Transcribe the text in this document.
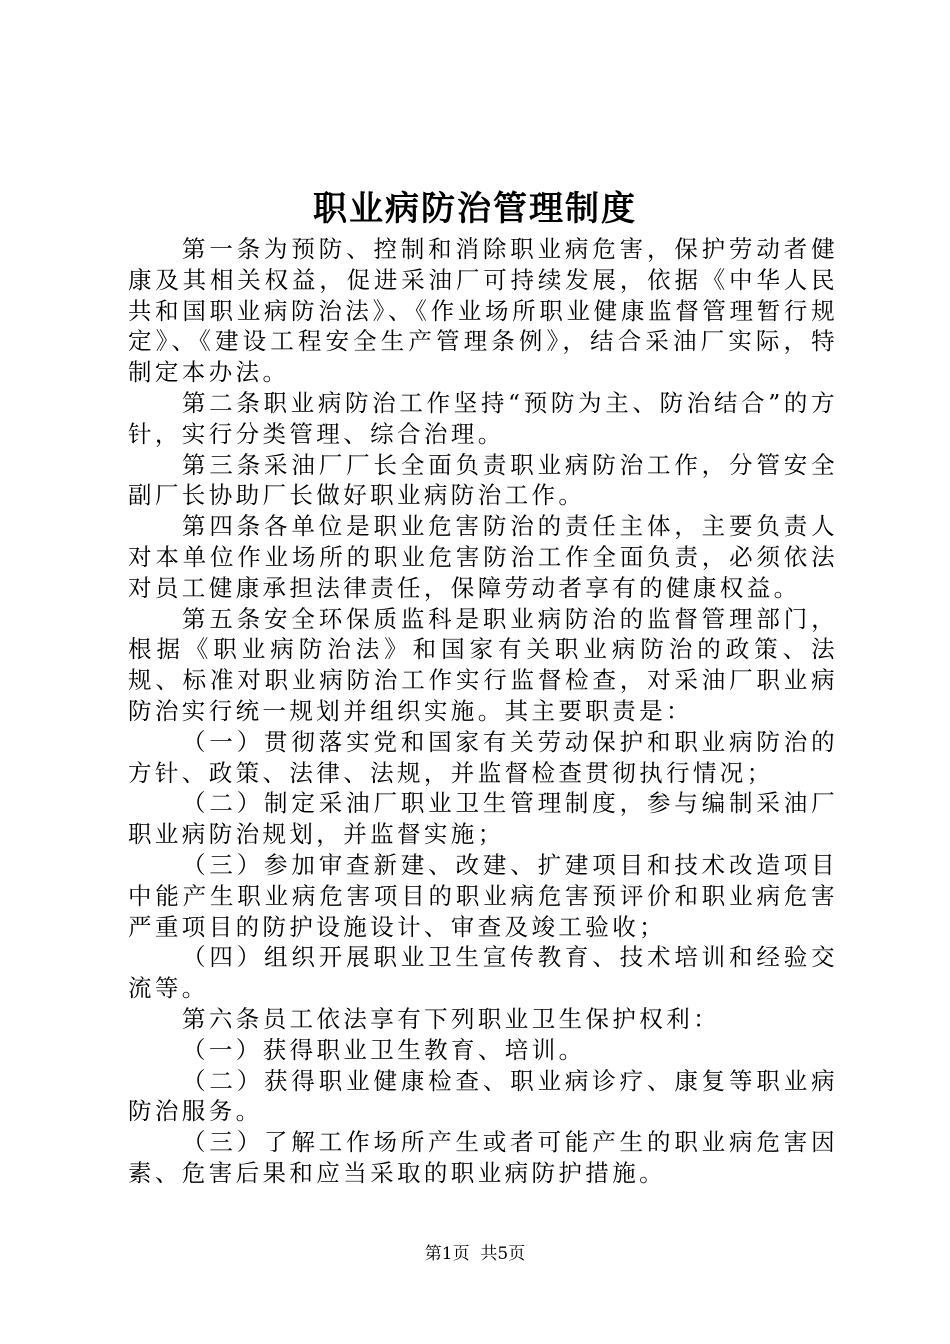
职业病防治管理制度

第一条为预防、控制和消除职业病危害，保护劳动者健康及其相关权益，促进采油厂可持续发展，依据《中华人民共和国职业病防治法》、《作业场所职业健康监督管理暂行规定》、《建设工程安全生产管理条例》，结合采油厂实际，特制定本办法。

第二条职业病防治工作坚持“预防为主、防治结合”的方针，实行分类管理、综合治理。

第三条采油厂厂长全面负责职业病防治工作，分管安全副厂长协助厂长做好职业病防治工作。

第四条各单位是职业危害防治的责任主体，主要负责人对本单位作业场所的职业危害防治工作全面负责，必须依法对员工健康承担法律责任，保障劳动者享有的健康权益。

第五条安全环保质监科是职业病防治的监督管理部门，根据《职业病防治法》和国家有关职业病防治的政策、法规、标准对职业病防治工作实行监督检查，对采油厂职业病防治实行统一规划并组织实施。其主要职责是：

（一）贯彻落实党和国家有关劳动保护和职业病防治的方针、政策、法律、法规，并监督检查贯彻执行情况；

（二）制定采油厂职业卫生管理制度，参与编制采油厂职业病防治规划，并监督实施；

（三）参加审查新建、改建、扩建项目和技术改造项目中能产生职业病危害项目的职业病危害预评价和职业病危害严重项目的防护设施设计、审查及竣工验收；

（四）组织开展职业卫生宣传教育、技术培训和经验交流等。

第六条员工依法享有下列职业卫生保护权利：

（一）获得职业卫生教育、培训。

（二）获得职业健康检查、职业病诊疗、康复等职业病防治服务。

（三）了解工作场所产生或者可能产生的职业病危害因素、危害后果和应当采取的职业病防护措施。

第1页 共5页
